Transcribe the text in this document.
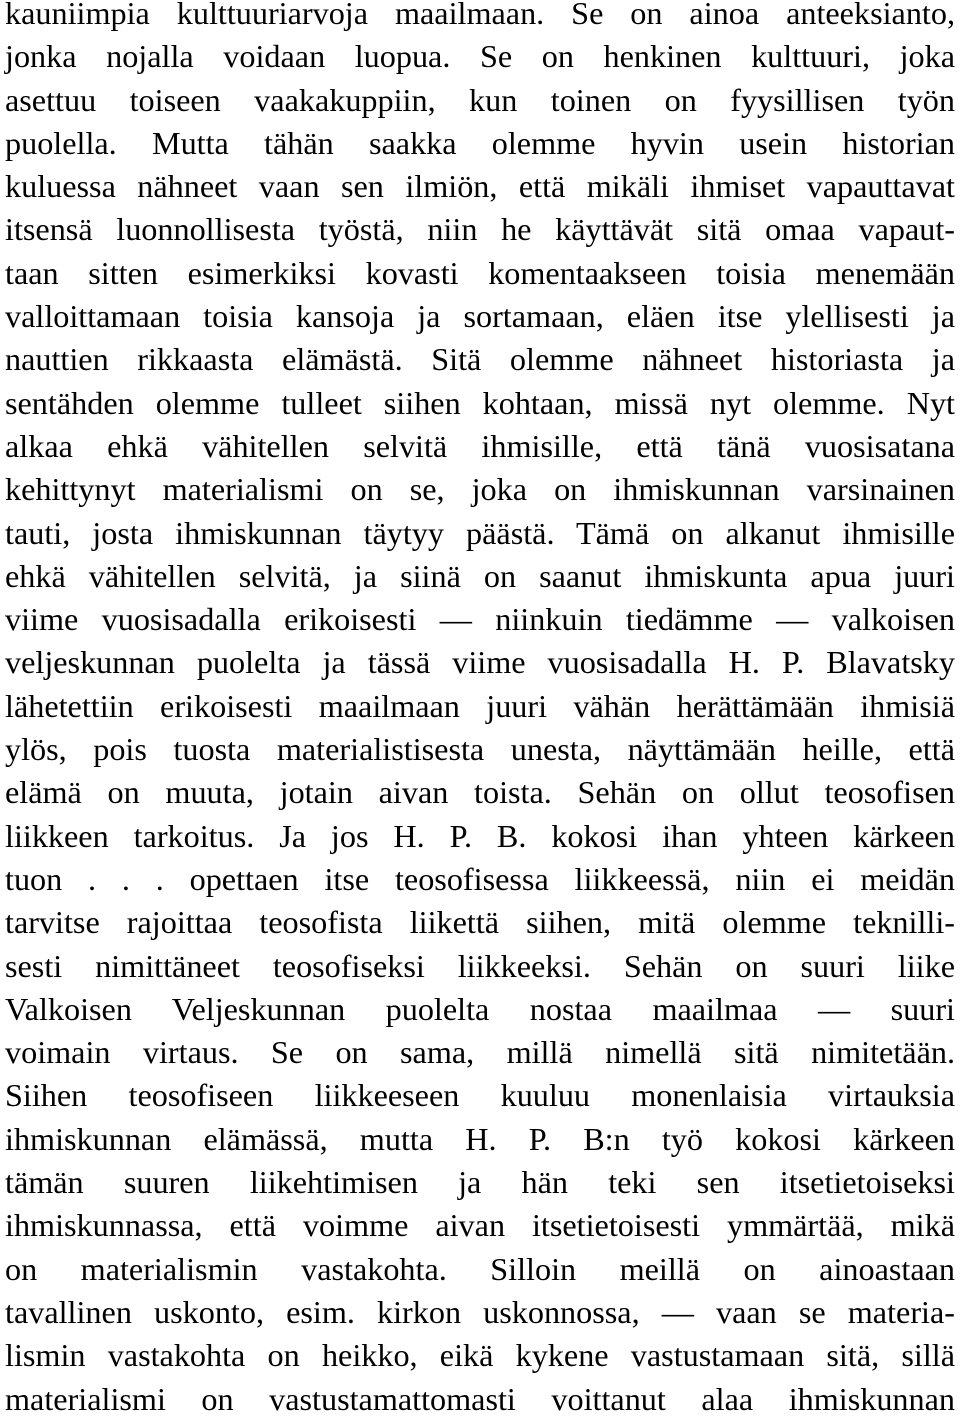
kauniimpia kulttuuriarvoja maailmaan. Se on ainoa anteeksianto,
jonka nojalla voidaan luopua. Se on henkinen kulttuuri, joka
asettuu toiseen vaakakuppiin, kun toinen on fyysillisen työn
puolella. Mutta tähän saakka olemme hyvin usein historian
kuluessa nähneet vaan sen ilmiön, että mikäli ihmiset vapauttavat
itsensä luonnollisesta työstä, niin he käyttävät sitä omaa vapaut-
taan sitten esimerkiksi kovasti komentaakseen toisia menemään
valloittamaan toisia kansoja ja sortamaan, eläen itse ylellisesti ja
nauttien rikkaasta elämästä. Sitä olemme nähneet historiasta ja
sentähden olemme tulleet siihen kohtaan, missä nyt olemme. Nyt
alkaa ehkä vähitellen selvitä ihmisille, että tänä vuosisatana
kehittynyt materialismi on se, joka on ihmiskunnan varsinainen
tauti, josta ihmiskunnan täytyy päästä. Tämä on alkanut ihmisille
ehkä vähitellen selvitä, ja siinä on saanut ihmiskunta apua juuri
viime vuosisadalla erikoisesti — niinkuin tiedämme — valkoisen
veljeskunnan puolelta ja tässä viime vuosisadalla H. P. Blavatsky
lähetettiin erikoisesti maailmaan juuri vähän herättämään ihmisiä
ylös, pois tuosta materialistisesta unesta, näyttämään heille, että
elämä on muuta, jotain aivan toista. Sehän on ollut teosofisen
liikkeen tarkoitus. Ja jos H. P. B. kokosi ihan yhteen kärkeen
tuon . . . opettaen itse teosofisessa liikkeessä, niin ei meidän
tarvitse rajoittaa teosofista liikettä siihen, mitä olemme teknilli-
sesti nimittäneet teosofiseksi liikkeeksi. Sehän on suuri liike
Valkoisen Veljeskunnan puolelta nostaa maailmaa — suuri
voimain virtaus. Se on sama, millä nimellä sitä nimitetään.
Siihen teosofiseen liikkeeseen kuuluu monenlaisia virtauksia
ihmiskunnan elämässä, mutta H. P. B:n työ kokosi kärkeen
tämän suuren liikehtimisen ja hän teki sen itsetietoiseksi
ihmiskunnassa, että voimme aivan itsetietoisesti ymmärtää, mikä
on materialismin vastakohta. Silloin meillä on ainoastaan
tavallinen uskonto, esim. kirkon uskonnossa, — vaan se materia-
lismin vastakohta on heikko, eikä kykene vastustamaan sitä, sillä
materialismi on vastustamattomasti voittanut alaa ihmiskunnan
